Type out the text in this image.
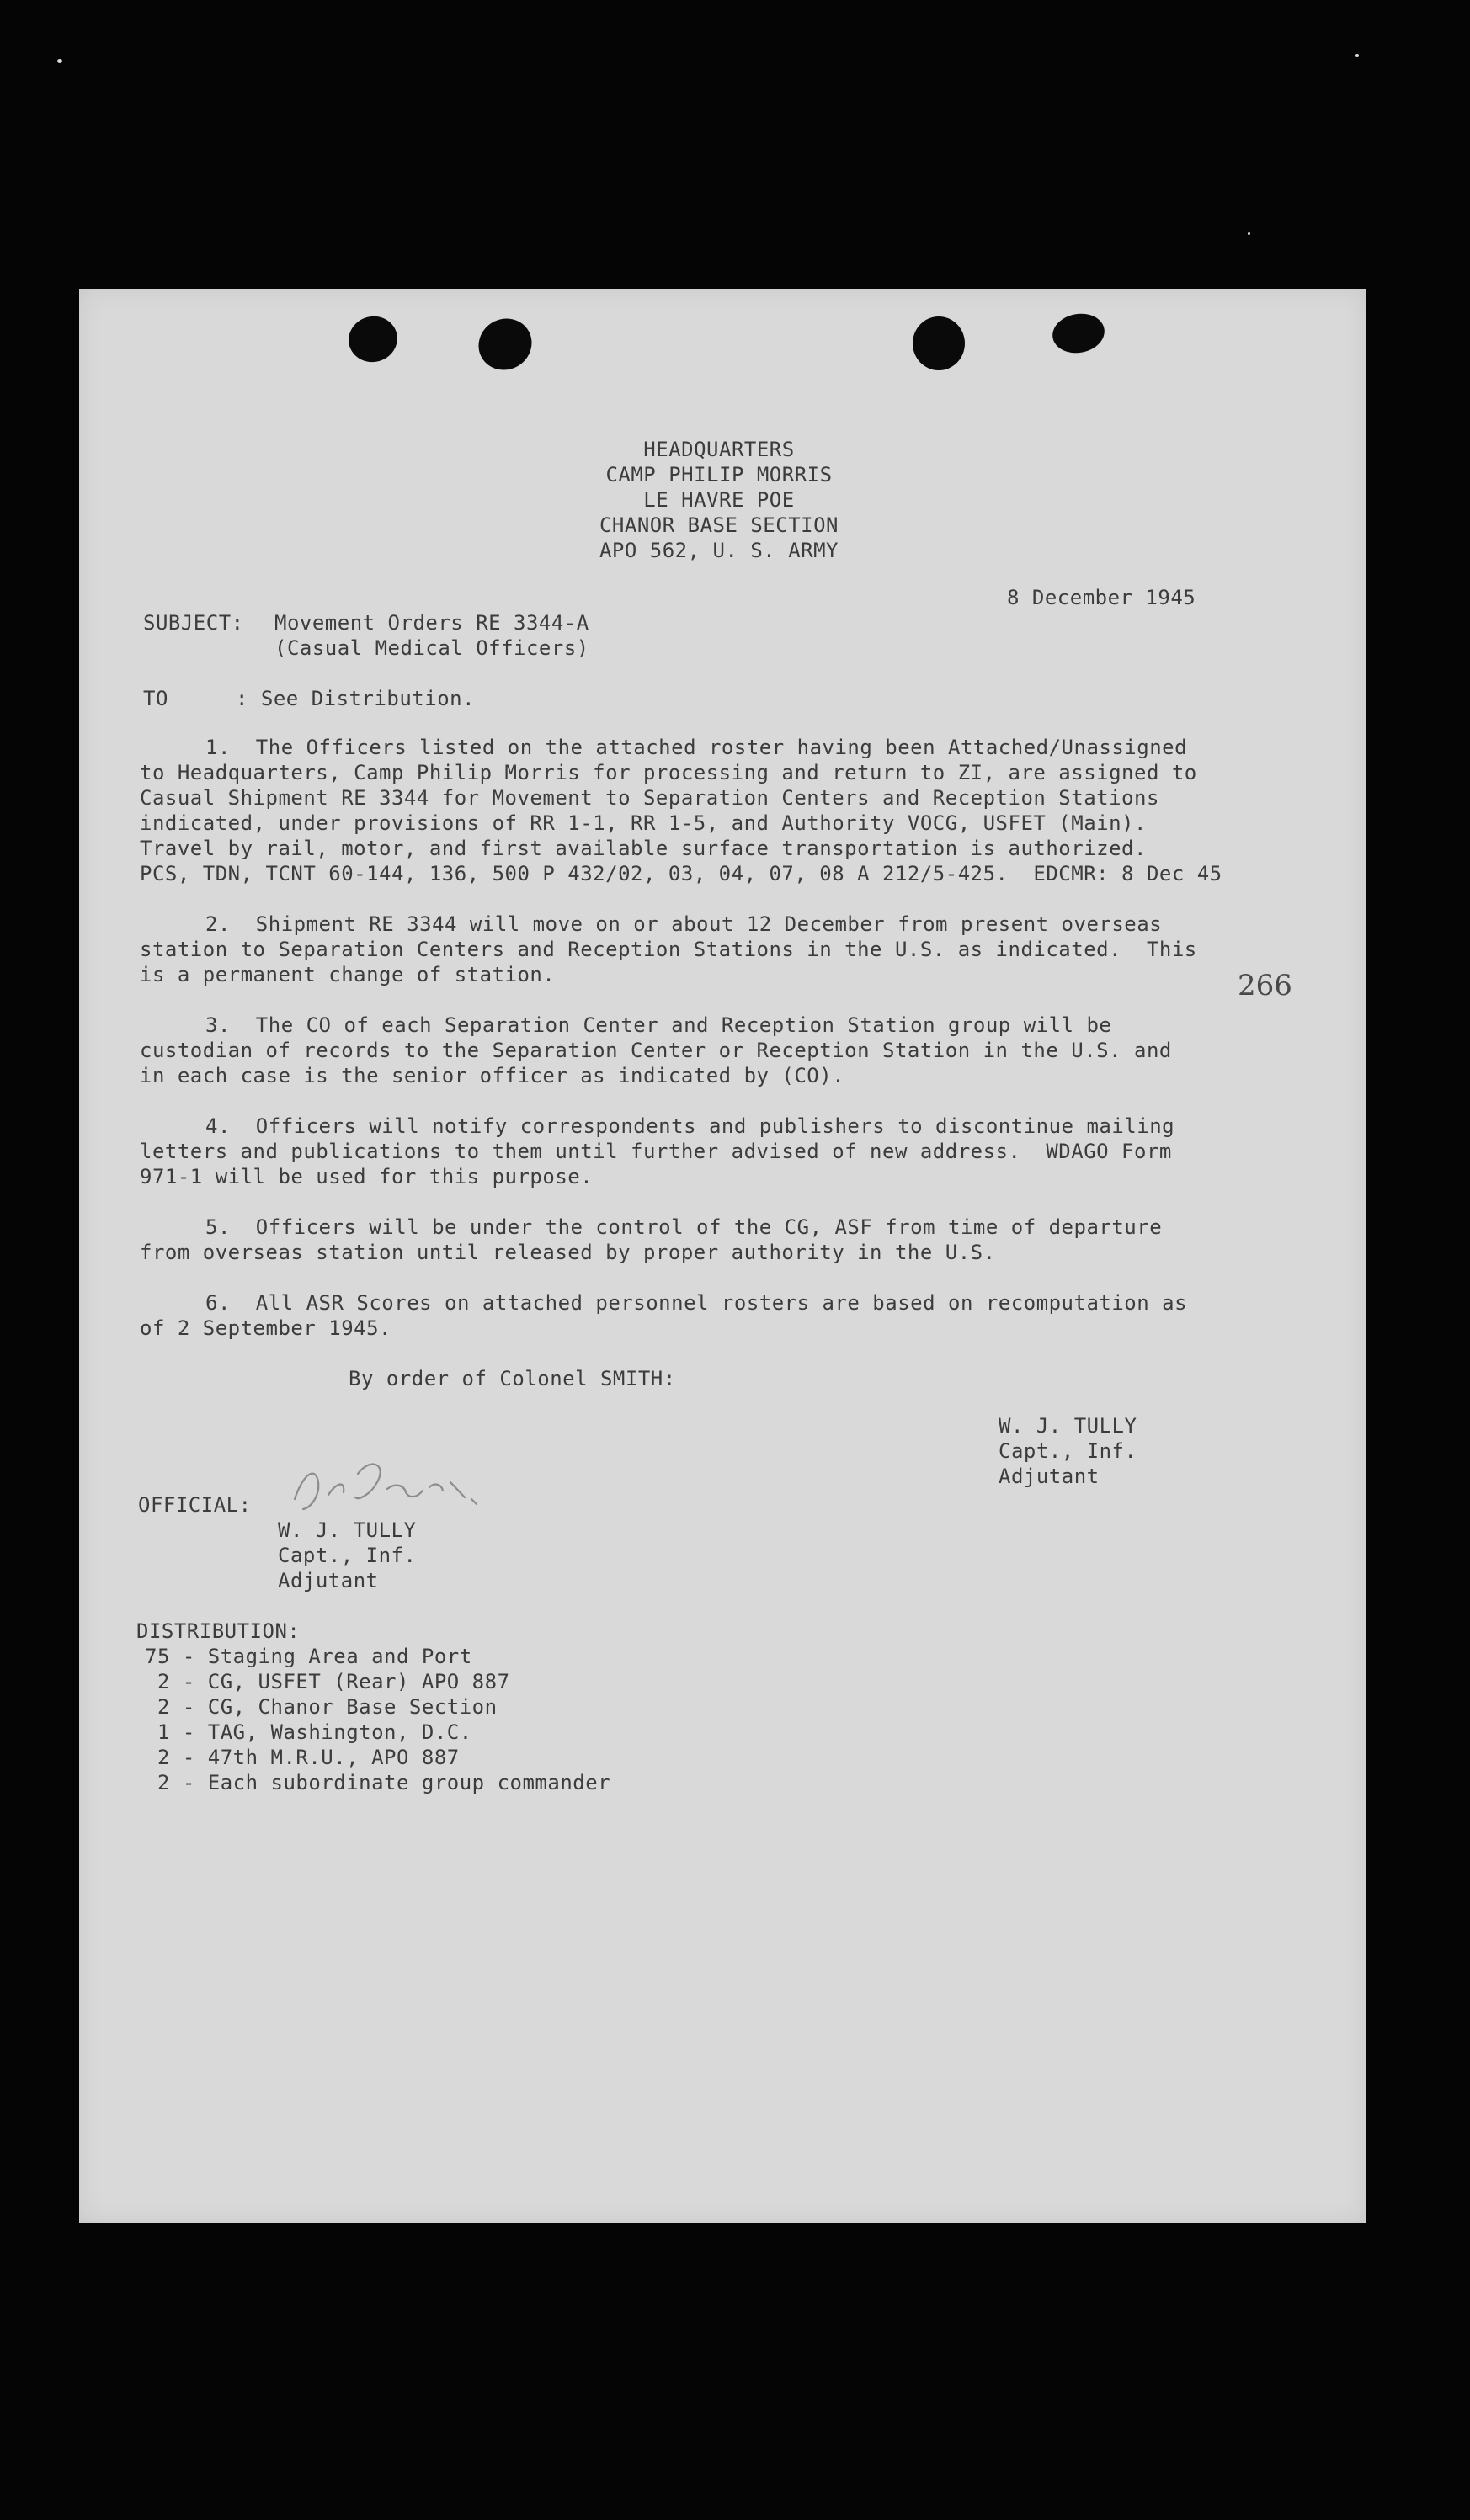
HEADQUARTERS
CAMP PHILIP MORRIS
LE HAVRE POE
CHANOR BASE SECTION
APO 562, U. S. ARMY
8 December 1945
SUBJECT: Movement Orders RE 3344-A
(Casual Medical Officers)
TO	: See Distribution.
1.  The Officers listed on the attached roster having been Attached/Unassigned
to Headquarters, Camp Philip Morris for processing and return to ZI, are assigned to
Casual Shipment RE 3344 for Movement to Separation Centers and Reception Stations
indicated, under provisions of RR 1-1, RR 1-5, and Authority VOCG, USFET (Main).
Travel by rail, motor, and first available surface transportation is authorized.
PCS, TDN, TCNT 60-144, 136, 500 P 432/02, 03, 04, 07, 08 A 212/5-425.  EDCMR: 8 Dec 45
2.  Shipment RE 3344 will move on or about 12 December from present overseas
station to Separation Centers and Reception Stations in the U.S. as indicated.  This
is a permanent change of station.	266
3.  The CO of each Separation Center and Reception Station group will be
custodian of records to the Separation Center or Reception Station in the U.S. and
in each case is the senior officer as indicated by (CO).
4.  Officers will notify correspondents and publishers to discontinue mailing
letters and publications to them until further advised of new address.  WDAGO Form
971-1 will be used for this purpose.
5.  Officers will be under the control of the CG, ASF from time of departure
from overseas station until released by proper authority in the U.S.
6.  All ASR Scores on attached personnel rosters are based on recomputation as
of 2 September 1945.
By order of Colonel SMITH:
W. J. TULLY
Capt., Inf.
Adjutant
OFFICIAL:
W. J. TULLY
Capt., Inf.
Adjutant
DISTRIBUTION:
75 - Staging Area and Port
2 - CG, USFET (Rear) APO 887
2 - CG, Chanor Base Section
1 - TAG, Washington, D.C.
2 - 47th M.R.U., APO 887
2 - Each subordinate group commander
